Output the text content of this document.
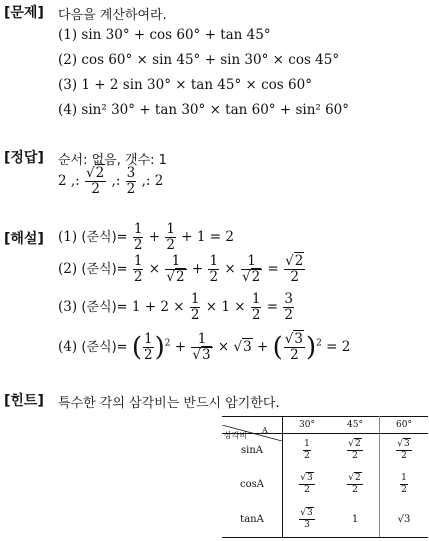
[문제] 다음을 계산하여라.
(1) sin 30° + cos 60° + tan 45°
(2) cos 60° × sin 45° + sin 30° × cos 45°
(3) 1 + 2 sin 30° × tan 45° × cos 60°
(4) sin² 30° + tan 30° × tan 60° + sin² 60°
[정답] 순서: 없음, 갯수: 1
2 ,: $\frac{√2}{2}$ ,: $\frac{3}{2}$ ,: 2
[해설] (1) (준식)= $\frac{1}{2} + \frac{1}{2} + 1 = 2$
(2) (준식)= $\frac{1}{2} \times \frac{1}{√2} + \frac{1}{2} \times \frac{1}{√2} = \frac{√2}{2}$
(3) (준식)= $1 + 2 \times \frac{1}{2} \times 1 \times \frac{1}{2} = \frac{3}{2}$
(4) (준식)= ( $\frac{1}{2} )^2 + \frac{1}{√3} \times √3$ + ( $\frac{√3}{2} )^2 = 2$
[힌트] 특수한 각의 삼각비는 반드시 암기한다.
A
삼각비	30°	45°	60°
sinA	$\frac{1}{2}$	$\frac{√2}{2}$	$\frac{√3}{2}$

cosA	$\frac{√3}{2}$	$\frac{√2}{2}$	$\frac{1}{2}$

tanA	$\frac{√3}{3}$	1	√3
